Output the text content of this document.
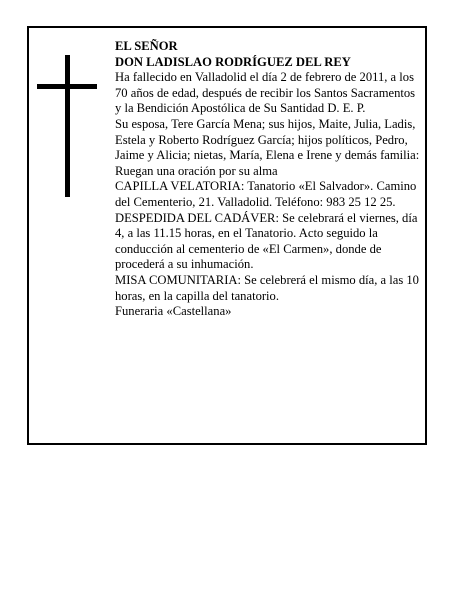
EL SEÑOR

DON LADISLAO RODRÍGUEZ DEL REY

Ha fallecido en Valladolid el día 2 de febrero de 2011, a los 70 años de edad, después de recibir los Santos Sacramentos y la Bendición Apostólica de Su Santidad D. E. P.

Su esposa, Tere García Mena; sus hijos, Maite, Julia, Ladis, Estela y Roberto Rodríguez García; hijos políticos, Pedro, Jaime y Alicia; nietas, María, Elena e Irene y demás familia:

Ruegan una oración por su alma

CAPILLA VELATORIA: Tanatorio «El Salvador». Camino del Cementerio, 21. Valladolid. Teléfono: 983 25 12 25.

DESPEDIDA DEL CADÁVER: Se celebrará el viernes, día 4, a las 11.15 horas, en el Tanatorio. Acto seguido la conducción al cementerio de «El Carmen», donde de procederá a su inhumación.

MISA COMUNITARIA: Se celebrerá el mismo día, a las 10 horas, en la capilla del tanatorio.

Funeraria «Castellana»
